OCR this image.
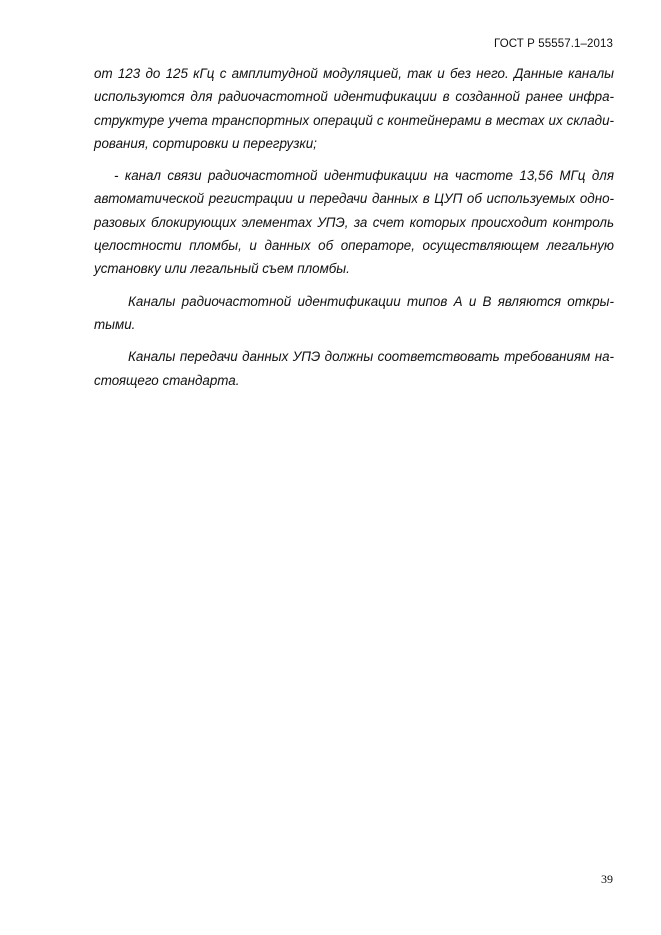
ГОСТ Р 55557.1–2013
от 123 до 125 кГц с амплитудной модуляцией, так и без него. Данные каналы
используются для радиочастотной идентификации в созданной ранее инфра-
структуре учета транспортных операций с контейнерами в местах их склади-
рования, сортировки и перегрузки;
- канал связи радиочастотной идентификации на частоте 13,56 МГц для
автоматической регистрации и передачи данных в ЦУП об используемых одно-
разовых блокирующих элементах УПЭ, за счет которых происходит контроль
целостности пломбы, и данных об операторе, осуществляющем легальную
установку или легальный съем пломбы.
Каналы радиочастотной идентификации типов А и В являются откры-
тыми.
Каналы передачи данных УПЭ должны соответствовать требованиям на-
стоящего стандарта.
39
